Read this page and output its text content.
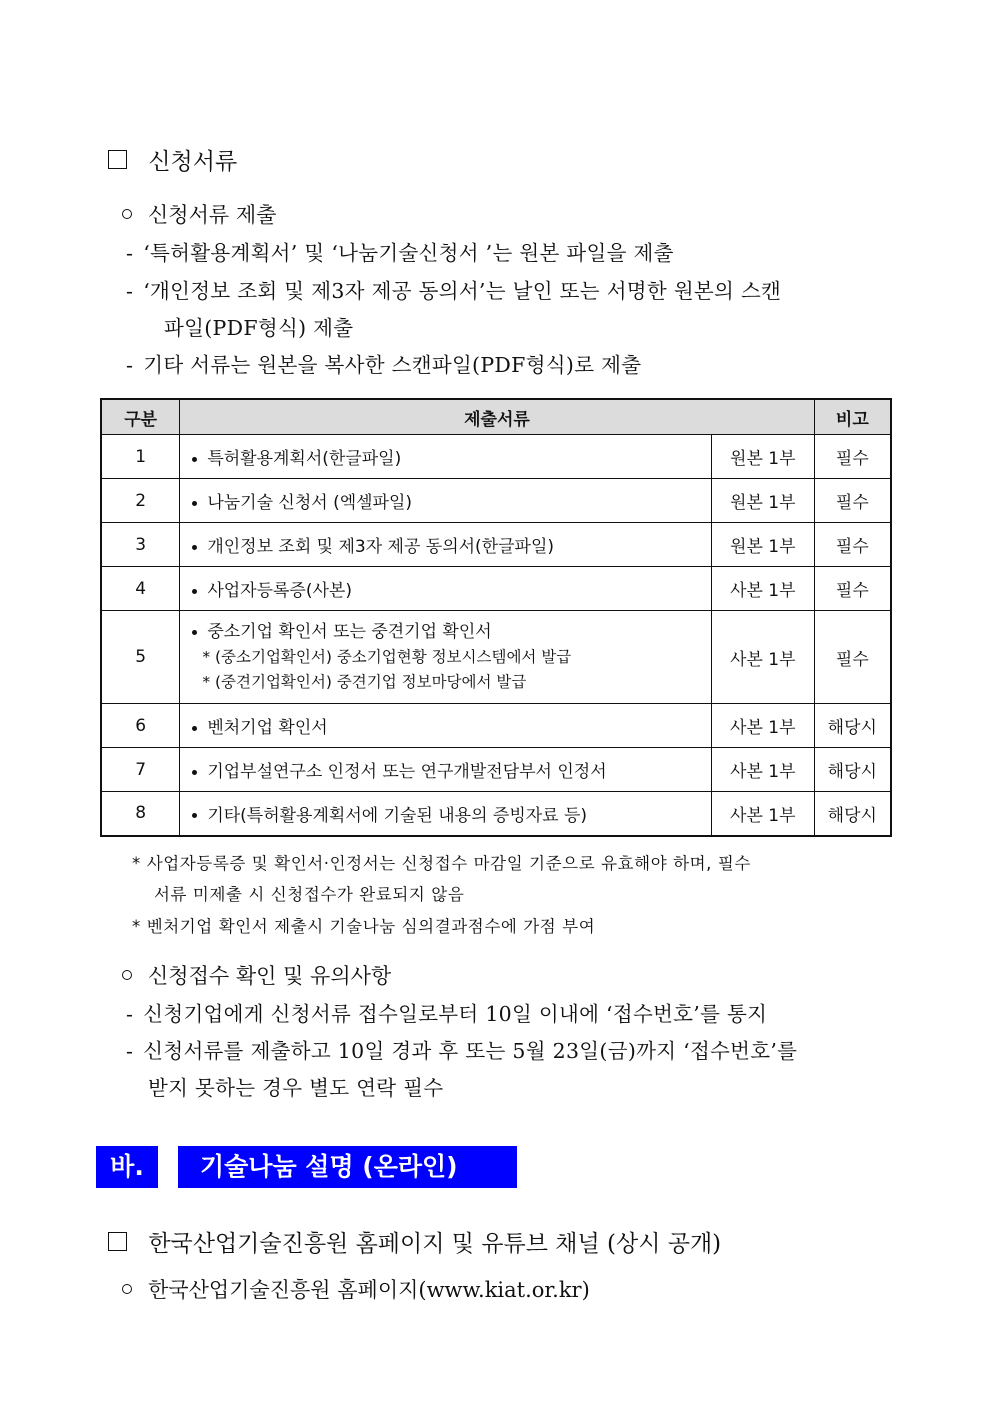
신청서류
신청서류 제출
- ‘특허활용계획서’ 및 ‘나눔기술신청서 ’는 원본 파일을 제출
- ‘개인정보 조회 및 제3자 제공 동의서’는 날인 또는 서명한 원본의 스캔
파일(PDF형식) 제출
- 기타 서류는 원본을 복사한 스캔파일(PDF형식)로 제출
구분	제출서류		비고
1	특허활용계획서(한글파일)	원본 1부	필수
2	나눔기술 신청서 (엑셀파일)	원본 1부	필수
3	개인정보 조회 및 제3자 제공 동의서(한글파일)	원본 1부	필수
4	사업자등록증(사본)	사본 1부	필수
5	중소기업 확인서 또는 중견기업 확인서
* (중소기업확인서) 중소기업현황 정보시스템에서 발급
* (중견기업확인서) 중견기업 정보마당에서 발급	사본 1부	필수
6	벤처기업 확인서	사본 1부	해당시
7	기업부설연구소 인정서 또는 연구개발전담부서 인정서	사본 1부	해당시
8	기타(특허활용계획서에 기술된 내용의 증빙자료 등)	사본 1부	해당시
* 사업자등록증 및 확인서·인정서는 신청접수 마감일 기준으로 유효해야 하며, 필수
서류 미제출 시 신청접수가 완료되지 않음
* 벤처기업 확인서 제출시 기술나눔 심의결과점수에 가점 부여
신청접수 확인 및 유의사항
- 신청기업에게 신청서류 접수일로부터 10일 이내에 ‘접수번호’를 통지
- 신청서류를 제출하고 10일 경과 후 또는 5월 23일(금)까지 ‘접수번호’를
받지 못하는 경우 별도 연락 필수
바.	기술나눔 설명 (온라인)
한국산업기술진흥원 홈페이지 및 유튜브 채널 (상시 공개)
한국산업기술진흥원 홈페이지(www.kiat.or.kr)
